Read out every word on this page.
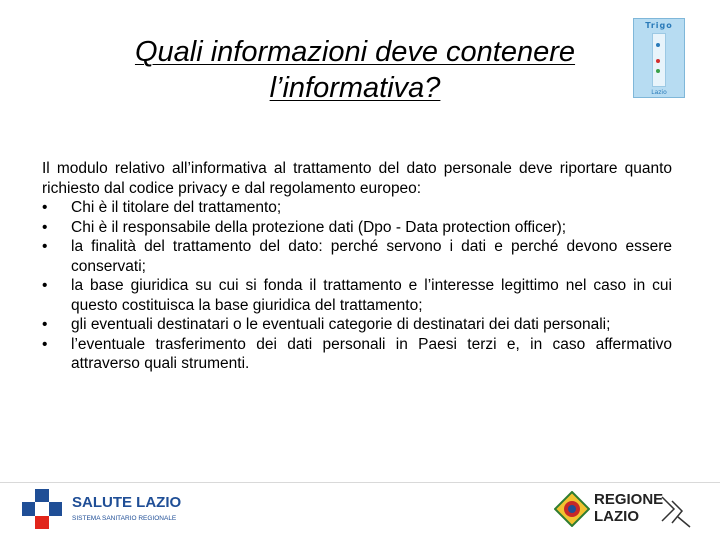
Quali informazioni deve contenere l’informativa?
Trigo
Lazio

Il modulo relativo all’informativa al trattamento del dato personale deve riportare quanto richiesto dal codice privacy e dal regolamento europeo:

•	Chi è il titolare del trattamento;
•	Chi è il responsabile della protezione dati (Dpo - Data protection officer);
•	la finalità del trattamento del dato: perché servono i dati e perché devono essere conservati;
•	la base giuridica su cui si fonda il trattamento e l’interesse legittimo nel caso in cui questo costituisca la base giuridica del trattamento;
•	gli eventuali destinatari o le eventuali categorie di destinatari dei dati personali;
•	l’eventuale trasferimento dei dati personali in Paesi terzi e, in caso affermativo attraverso quali strumenti.
SALUTE LAZIO
SISTEMA SANITARIO REGIONALE
REGIONE
LAZIO
